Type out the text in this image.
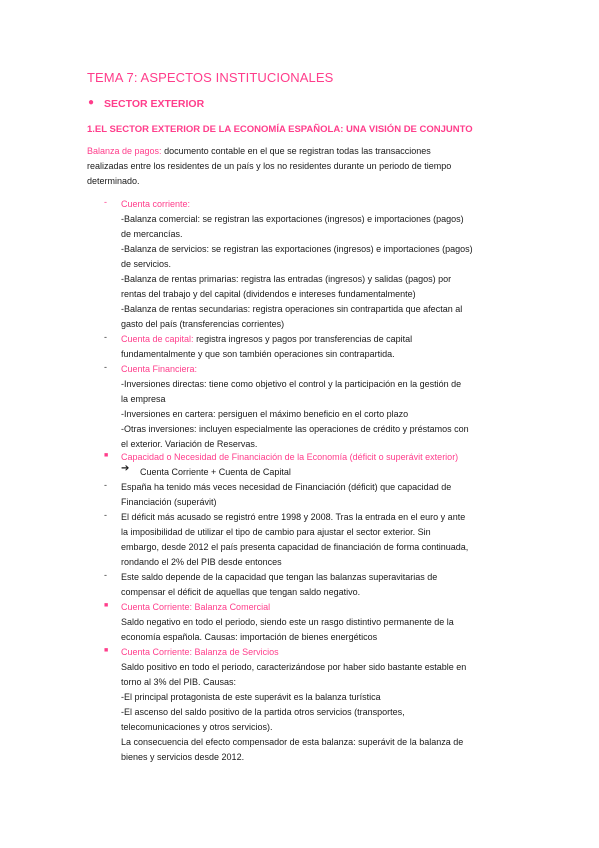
TEMA 7: ASPECTOS INSTITUCIONALES
● SECTOR EXTERIOR
1.EL SECTOR EXTERIOR DE LA ECONOMÍA ESPAÑOLA: UNA VISIÓN DE CONJUNTO
Balanza de pagos: documento contable en el que se registran todas las transacciones
realizadas entre los residentes de un país y los no residentes durante un periodo de tiempo
determinado.
- Cuenta corriente:
-Balanza comercial: se registran las exportaciones (ingresos) e importaciones (pagos)
de mercancías.
-Balanza de servicios: se registran las exportaciones (ingresos) e importaciones (pagos)
de servicios.
-Balanza de rentas primarias: registra las entradas (ingresos) y salidas (pagos) por
rentas del trabajo y del capital (dividendos e intereses fundamentalmente)
-Balanza de rentas secundarias: registra operaciones sin contrapartida que afectan al
gasto del país (transferencias corrientes)
- Cuenta de capital: registra ingresos y pagos por transferencias de capital
fundamentalmente y que son también operaciones sin contrapartida.
- Cuenta Financiera:
-Inversiones directas: tiene como objetivo el control y la participación en la gestión de
la empresa
-Inversiones en cartera: persiguen el máximo beneficio en el corto plazo
-Otras inversiones: incluyen especialmente las operaciones de crédito y préstamos con
el exterior. Variación de Reservas.
■ Capacidad o Necesidad de Financiación de la Economía (déficit o superávit exterior)
➔ Cuenta Corriente + Cuenta de Capital
- España ha tenido más veces necesidad de Financiación (déficit) que capacidad de
Financiación (superávit)
- El déficit más acusado se registró entre 1998 y 2008. Tras la entrada en el euro y ante
la imposibilidad de utilizar el tipo de cambio para ajustar el sector exterior. Sin
embargo, desde 2012 el país presenta capacidad de financiación de forma continuada,
rondando el 2% del PIB desde entonces
- Este saldo depende de la capacidad que tengan las balanzas superavitarias de
compensar el déficit de aquellas que tengan saldo negativo.
■ Cuenta Corriente: Balanza Comercial
Saldo negativo en todo el periodo, siendo este un rasgo distintivo permanente de la
economía española. Causas: importación de bienes energéticos
■ Cuenta Corriente: Balanza de Servicios
Saldo positivo en todo el periodo, caracterizándose por haber sido bastante estable en
torno al 3% del PIB. Causas:
-El principal protagonista de este superávit es la balanza turística
-El ascenso del saldo positivo de la partida otros servicios (transportes,
telecomunicaciones y otros servicios).
La consecuencia del efecto compensador de esta balanza: superávit de la balanza de
bienes y servicios desde 2012.
